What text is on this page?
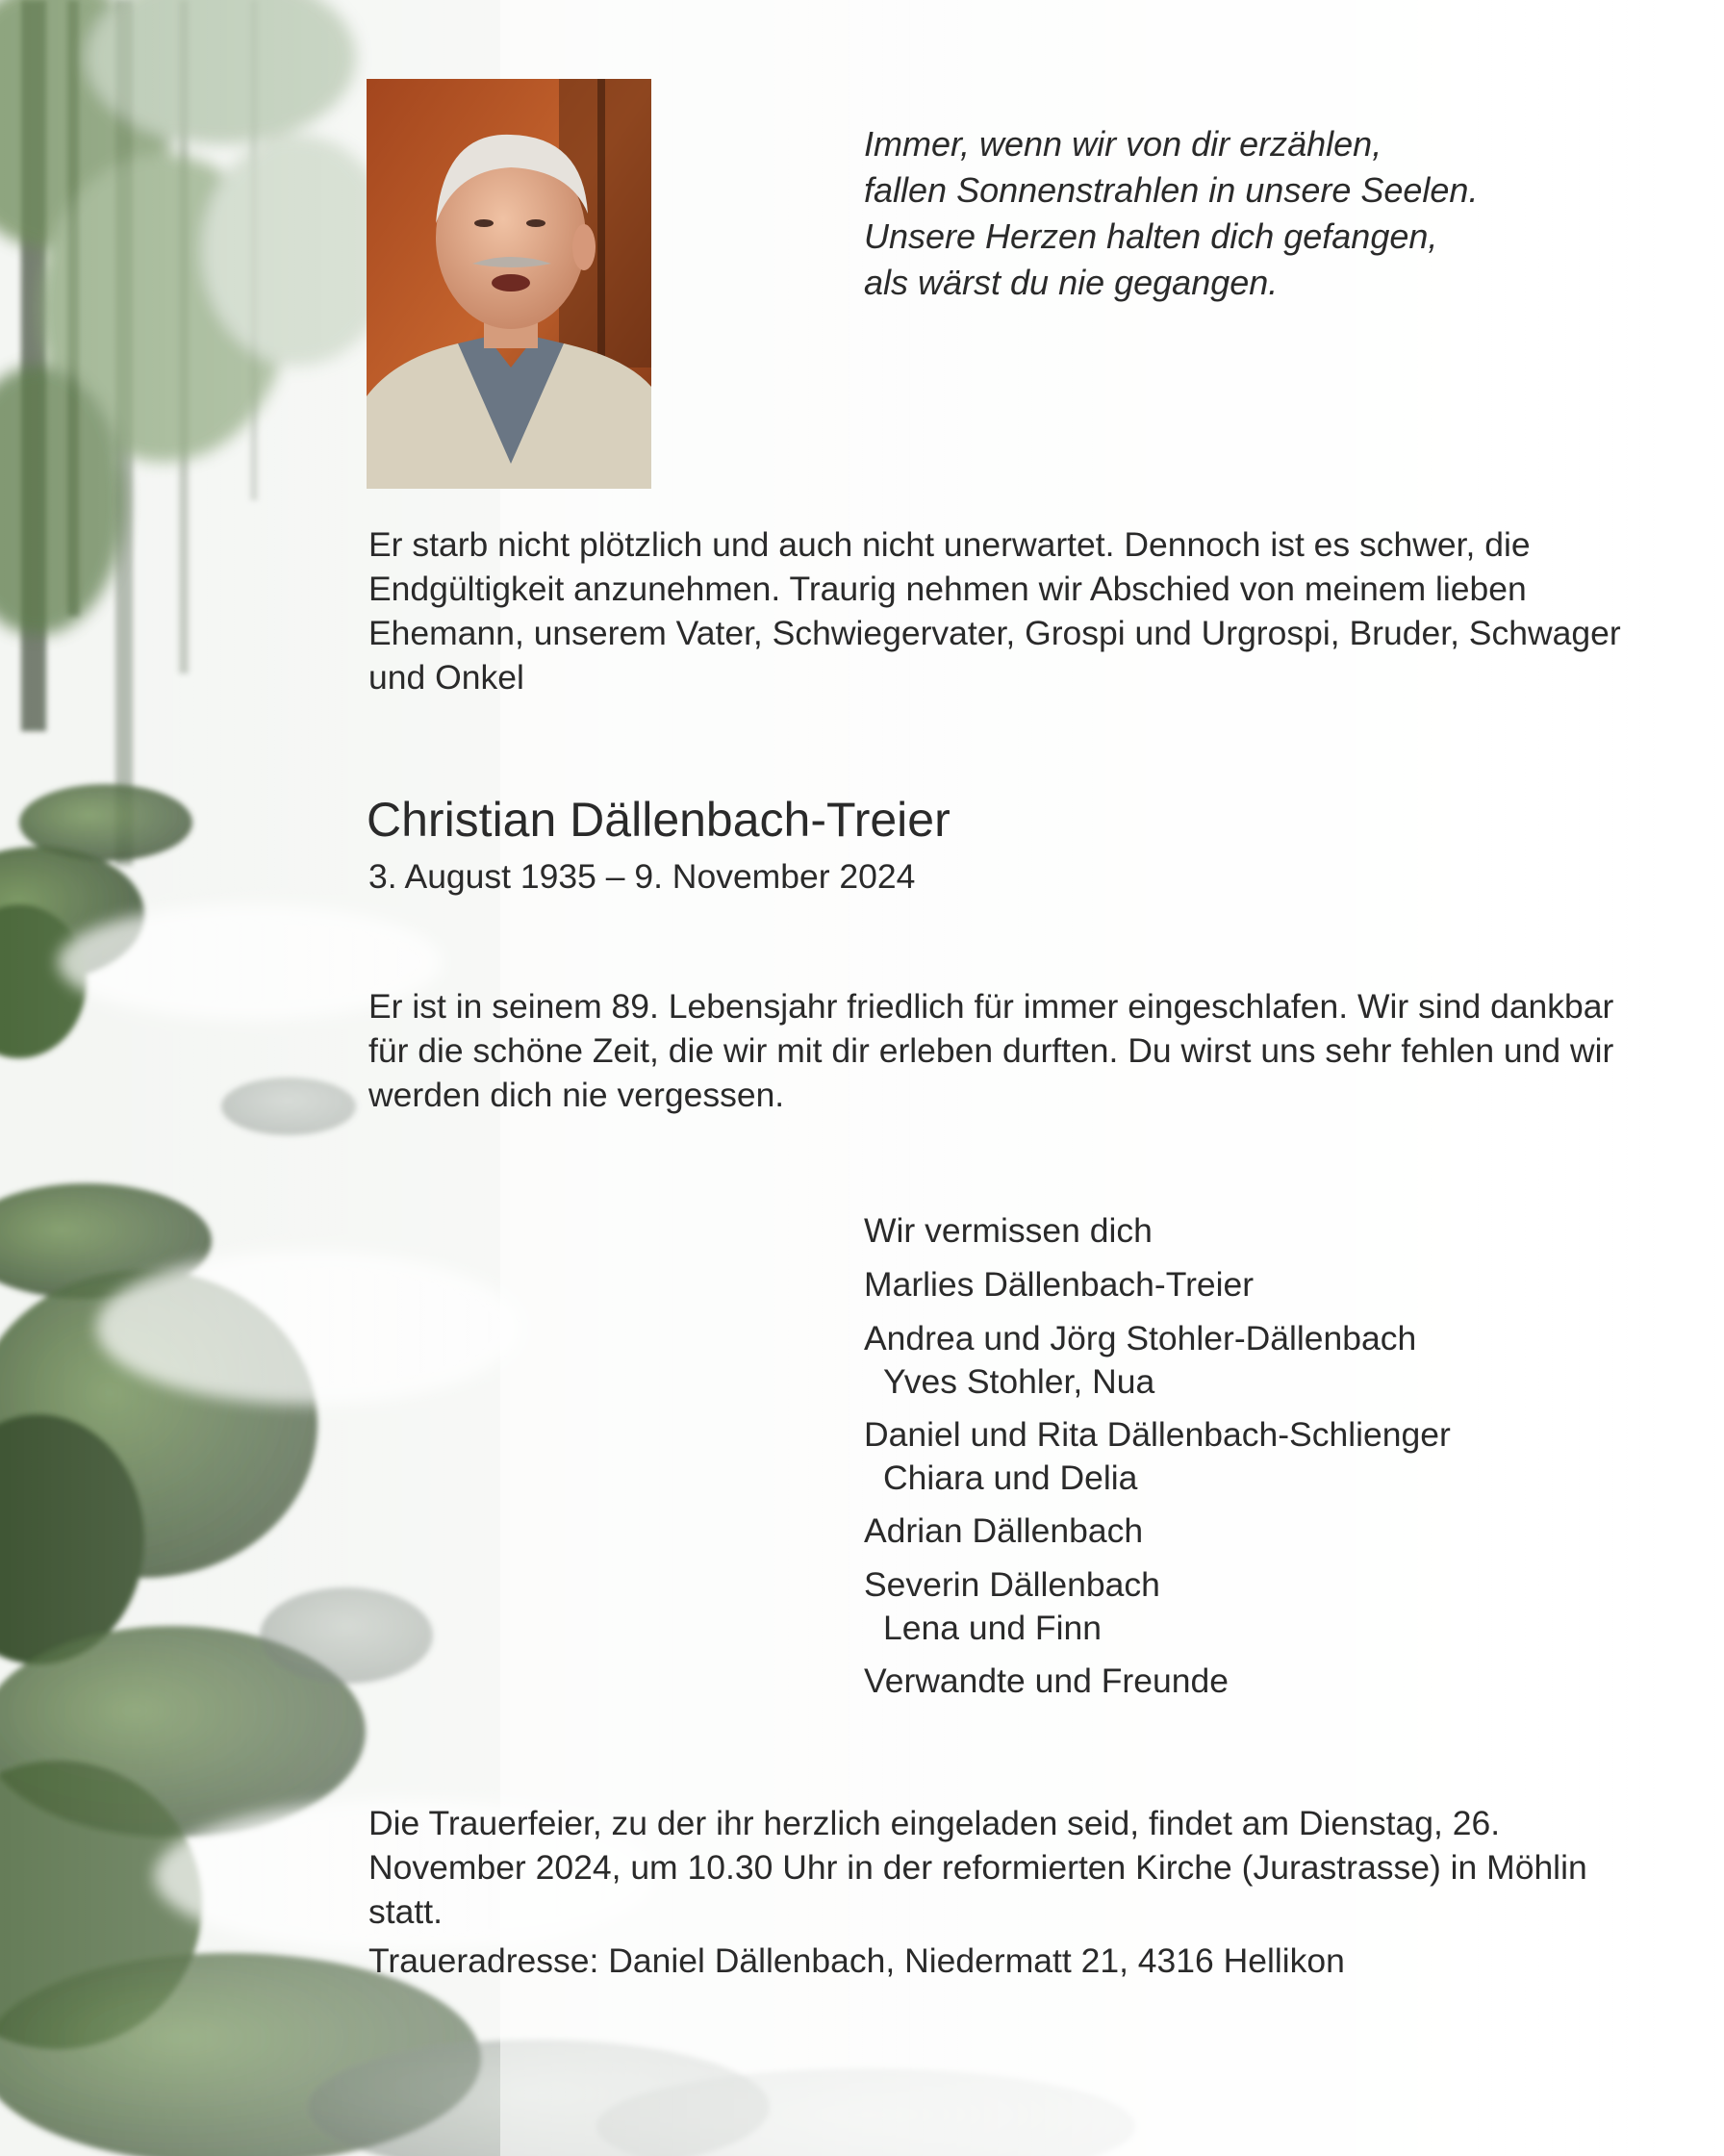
Immer, wenn wir von dir erzählen,
fallen Sonnenstrahlen in unsere Seelen.
Unsere Herzen halten dich gefangen,
als wärst du nie gegangen.
Er starb nicht plötzlich und auch nicht unerwartet. Dennoch ist es schwer, die Endgültigkeit anzunehmen. Traurig nehmen wir Abschied von meinem lieben Ehemann, unserem Vater, Schwiegervater, Grospi und Urgrospi, Bruder, Schwager und Onkel
Christian Dällenbach-Treier
3. August 1935 – 9. November 2024
Er ist in seinem 89. Lebensjahr friedlich für immer eingeschlafen. Wir sind dankbar für die schöne Zeit, die wir mit dir erleben durften. Du wirst uns sehr fehlen und wir werden dich nie vergessen.
Wir vermissen dich
Marlies Dällenbach-Treier
Andrea und Jörg Stohler-Dällenbach
Yves Stohler, Nua
Daniel und Rita Dällenbach-Schlienger
Chiara und Delia
Adrian Dällenbach
Severin Dällenbach
Lena und Finn
Verwandte und Freunde
Die Trauerfeier, zu der ihr herzlich eingeladen seid, findet am Dienstag, 26. November 2024, um 10.30 Uhr in der reformierten Kirche (Jurastrasse) in Möhlin statt.
Traueradresse: Daniel Dällenbach, Niedermatt 21, 4316 Hellikon
